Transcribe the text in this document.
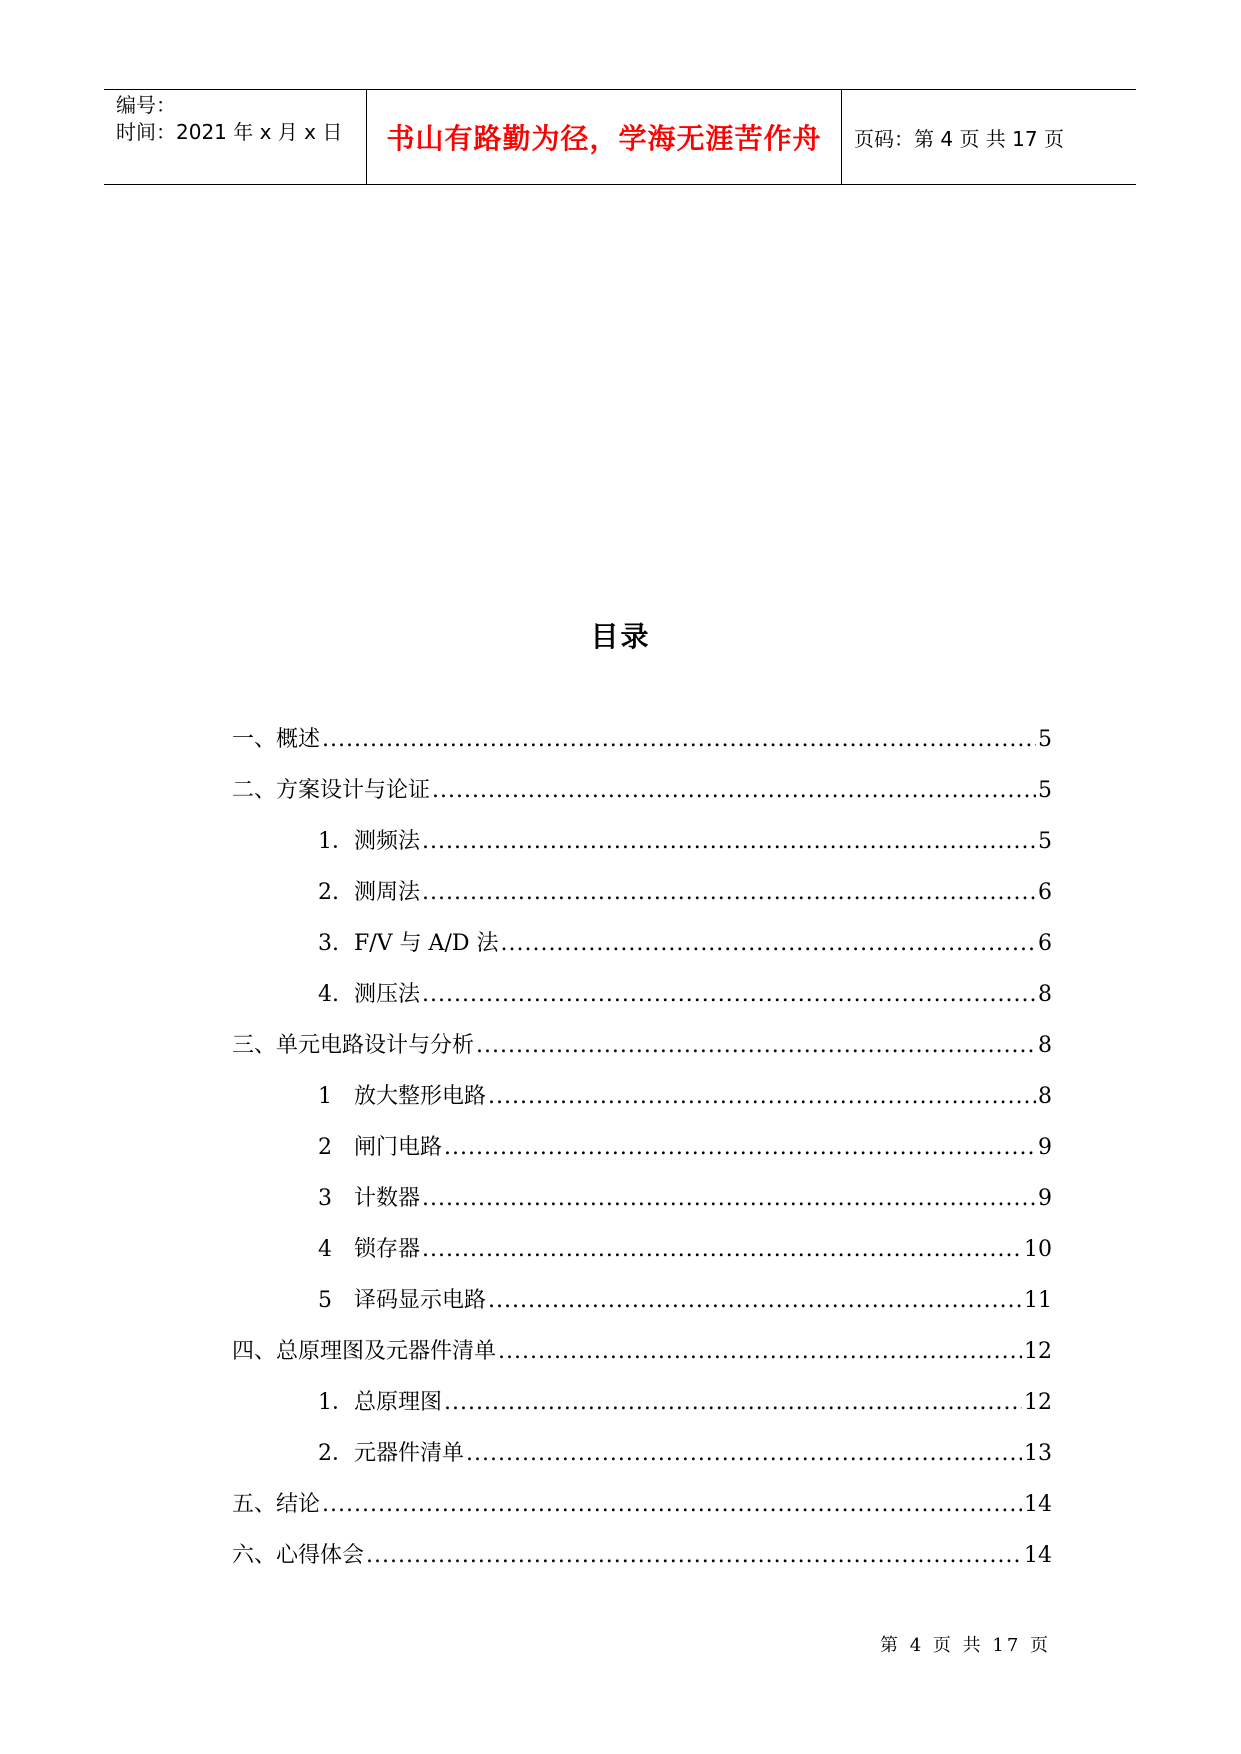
编号：
时间：2021 年 x 月 x 日 书山有路勤为径，学海无涯苦作舟 页码：第 4 页 共 17 页
目录
一、概述 .....	5
二、方案设计与论证 .....	5
1． 测频法 .....	5
2. 测周法 .....	6
3. F/V 与 A/D 法 .....	6
4. 测压法 .....	8
三、单元电路设计与分析 .....	8
1	放大整形电路 .....	8
2	闸门电路 .....	9
3	计数器 .....	9
4	锁存器 .....	10
5	译码显示电路 .....	11
四、总原理图及元器件清单 .....	12
1． 总原理图 .....	12
2． 元器件清单 .....	13
五、结论 .....	14
六、心得体会 .....	14
第 4 页 共 17 页
